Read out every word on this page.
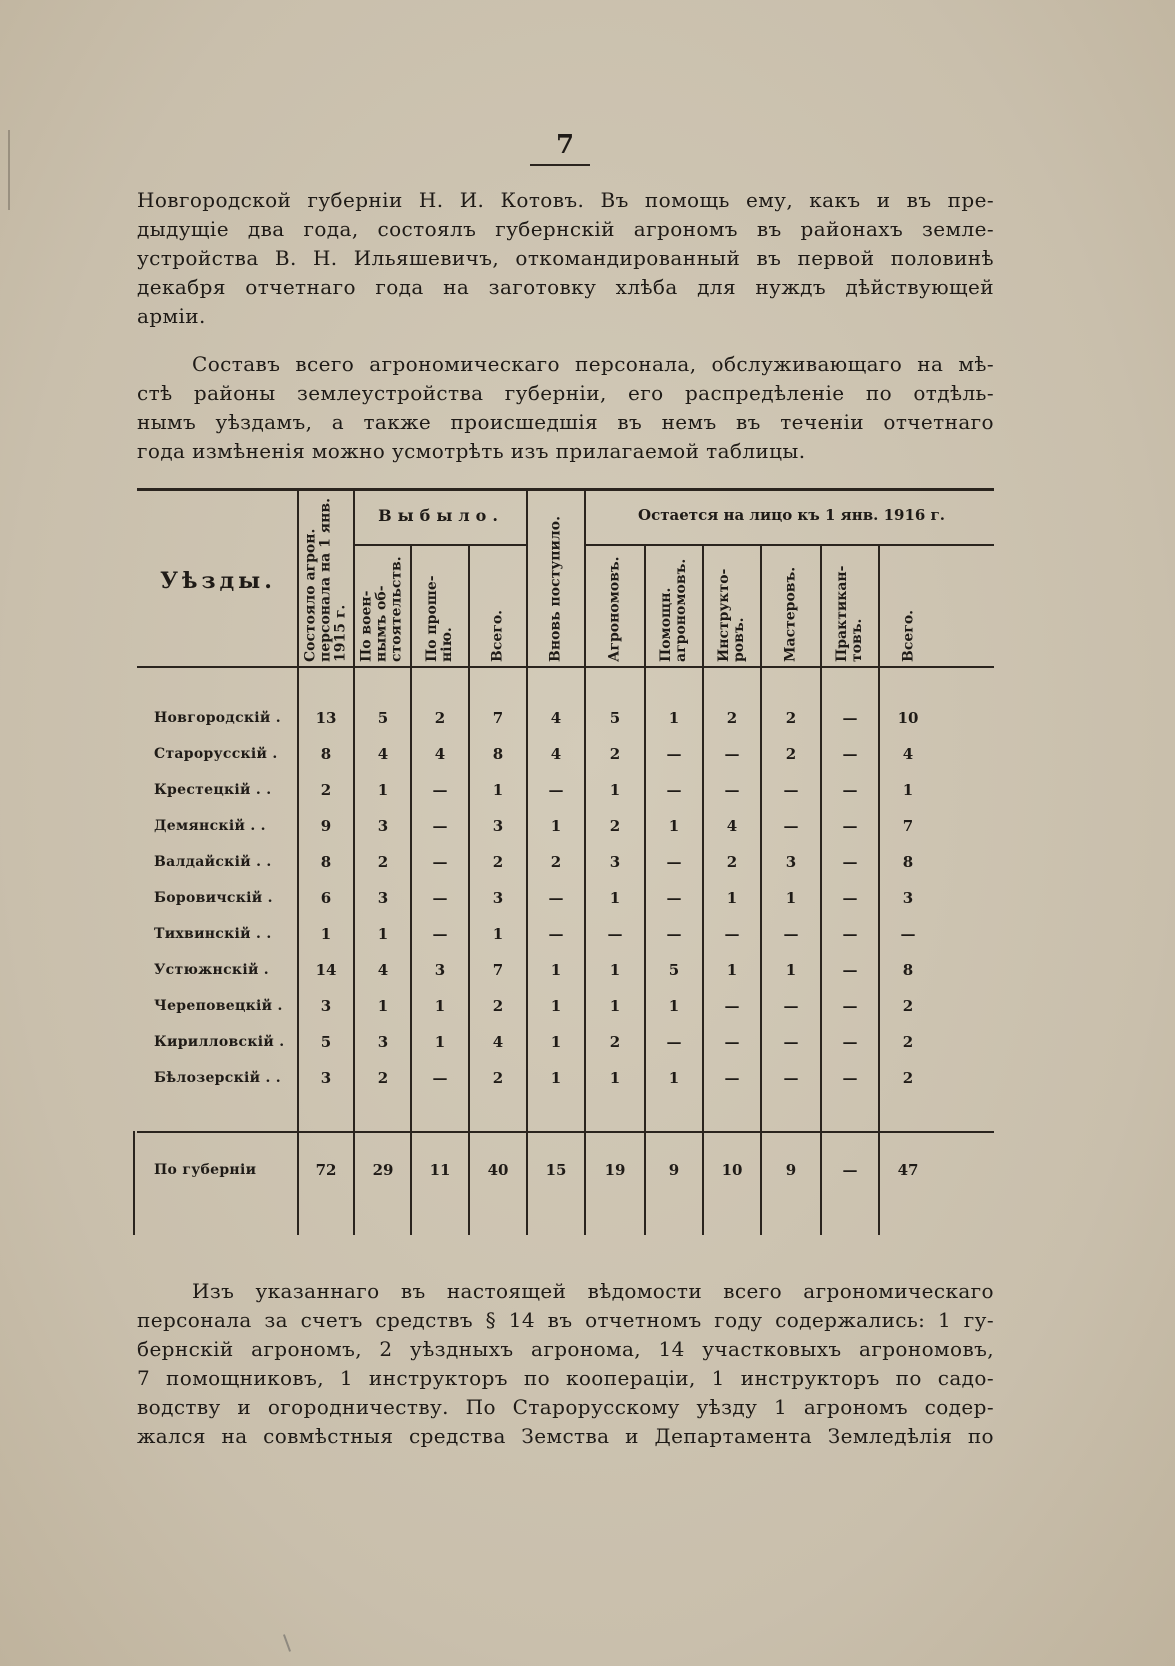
7
Новгородской губерніи Н. И. Котовъ. Въ помощь ему, какъ и въ пре-
дыдущіе два года, состоялъ губернскій агрономъ въ районахъ земле-
устройства В. Н. Ильяшевичъ, откомандированный въ первой половинѣ
декабря отчетнаго года на заготовку хлѣба для нуждъ дѣйствующей
арміи.
Составъ всего агрономическаго персонала, обслуживающаго на мѣ-
стѣ районы землеустройства губерніи, его распредѣленіе по отдѣль-
нымъ уѣздамъ, а также происшедшія въ немъ въ теченіи отчетнаго
года измѣненія можно усмотрѣть изъ прилагаемой таблицы.
Уѣзды.	Состояло агрон. персонала на 1 янв. 1915 г.
Выбыло.
По воен-нымъ об-стоятельств.	По проше-нію.	Всего.	Вновь поступило.
Остается на лицо къ 1 янв. 1916 г.
Агрономовъ.	Помощн. агрономовъ.	Инструкто-ровъ.	Мастеровъ.	Практикан-товъ.	Всего.
Новгородскій .	13	5	2	7	4	5	1	2	2	—	10
Старорусскій .	8	4	4	8	4	2	—	—	2	—	4
Крестецкій . .	2	1	—	1	—	1	—	—	—	—	1
Демянскій . .	9	3	—	3	1	2	1	4	—	—	7
Валдайскій . .	8	2	—	2	2	3	—	2	3	—	8
Боровичскій .	6	3	—	3	—	1	—	1	1	—	3
Тихвинскій . .	1	1	—	1	—	—	—	—	—	—	—
Устюжнскій .	14	4	3	7	1	1	5	1	1	—	8
Череповецкій .	3	1	1	2	1	1	1	—	—	—	2
Кирилловскій .	5	3	1	4	1	2	—	—	—	—	2
Бѣлозерскій . .	3	2	—	2	1	1	1	—	—	—	2
По губерніи	72	29	11	40	15	19	9	10	9	—	47
Изъ указаннаго въ настоящей вѣдомости всего агрономическаго
персонала за счетъ средствъ § 14 въ отчетномъ году содержались: 1 гу-
бернскій агрономъ, 2 уѣздныхъ агронома, 14 участковыхъ агрономовъ,
7 помощниковъ, 1 инструкторъ по коопераціи, 1 инструкторъ по садо-
водству и огородничеству. По Старорусскому уѣзду 1 агрономъ содер-
жался на совмѣстныя средства Земства и Департамента Земледѣлія по
